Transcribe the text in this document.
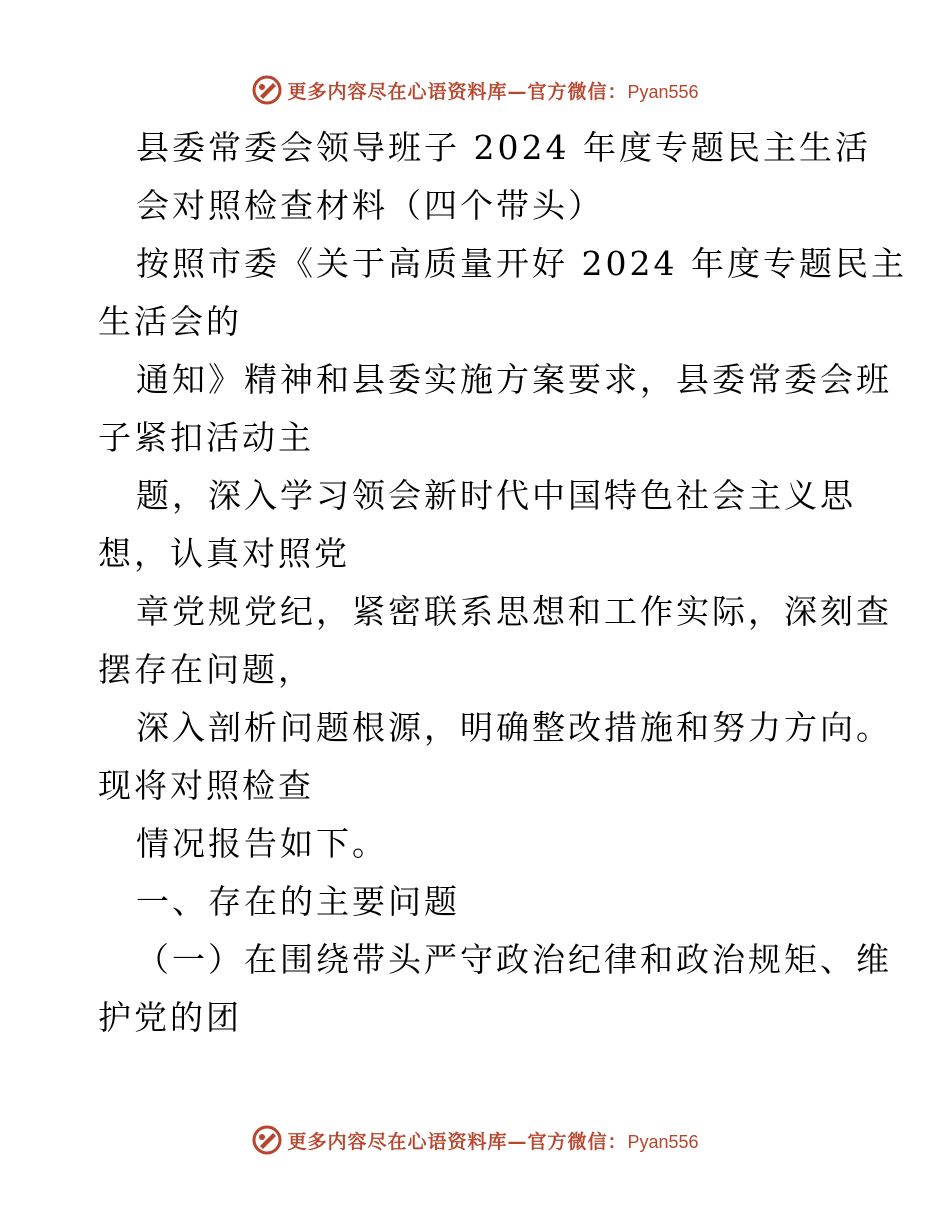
更多内容尽在心语资料库—官方微信：Pyan556
县委常委会领导班子 2024 年度专题民主生活
会对照检查材料（四个带头）
按照市委《关于高质量开好 2024 年度专题民主
生活会的
通知》精神和县委实施方案要求，县委常委会班
子紧扣活动主
题，深入学习领会新时代中国特色社会主义思
想，认真对照党
章党规党纪，紧密联系思想和工作实际，深刻查
摆存在问题，
深入剖析问题根源，明确整改措施和努力方向。
现将对照检查
情况报告如下。
一、存在的主要问题
（一）在围绕带头严守政治纪律和政治规矩、维
护党的团
更多内容尽在心语资料库—官方微信：Pyan556
